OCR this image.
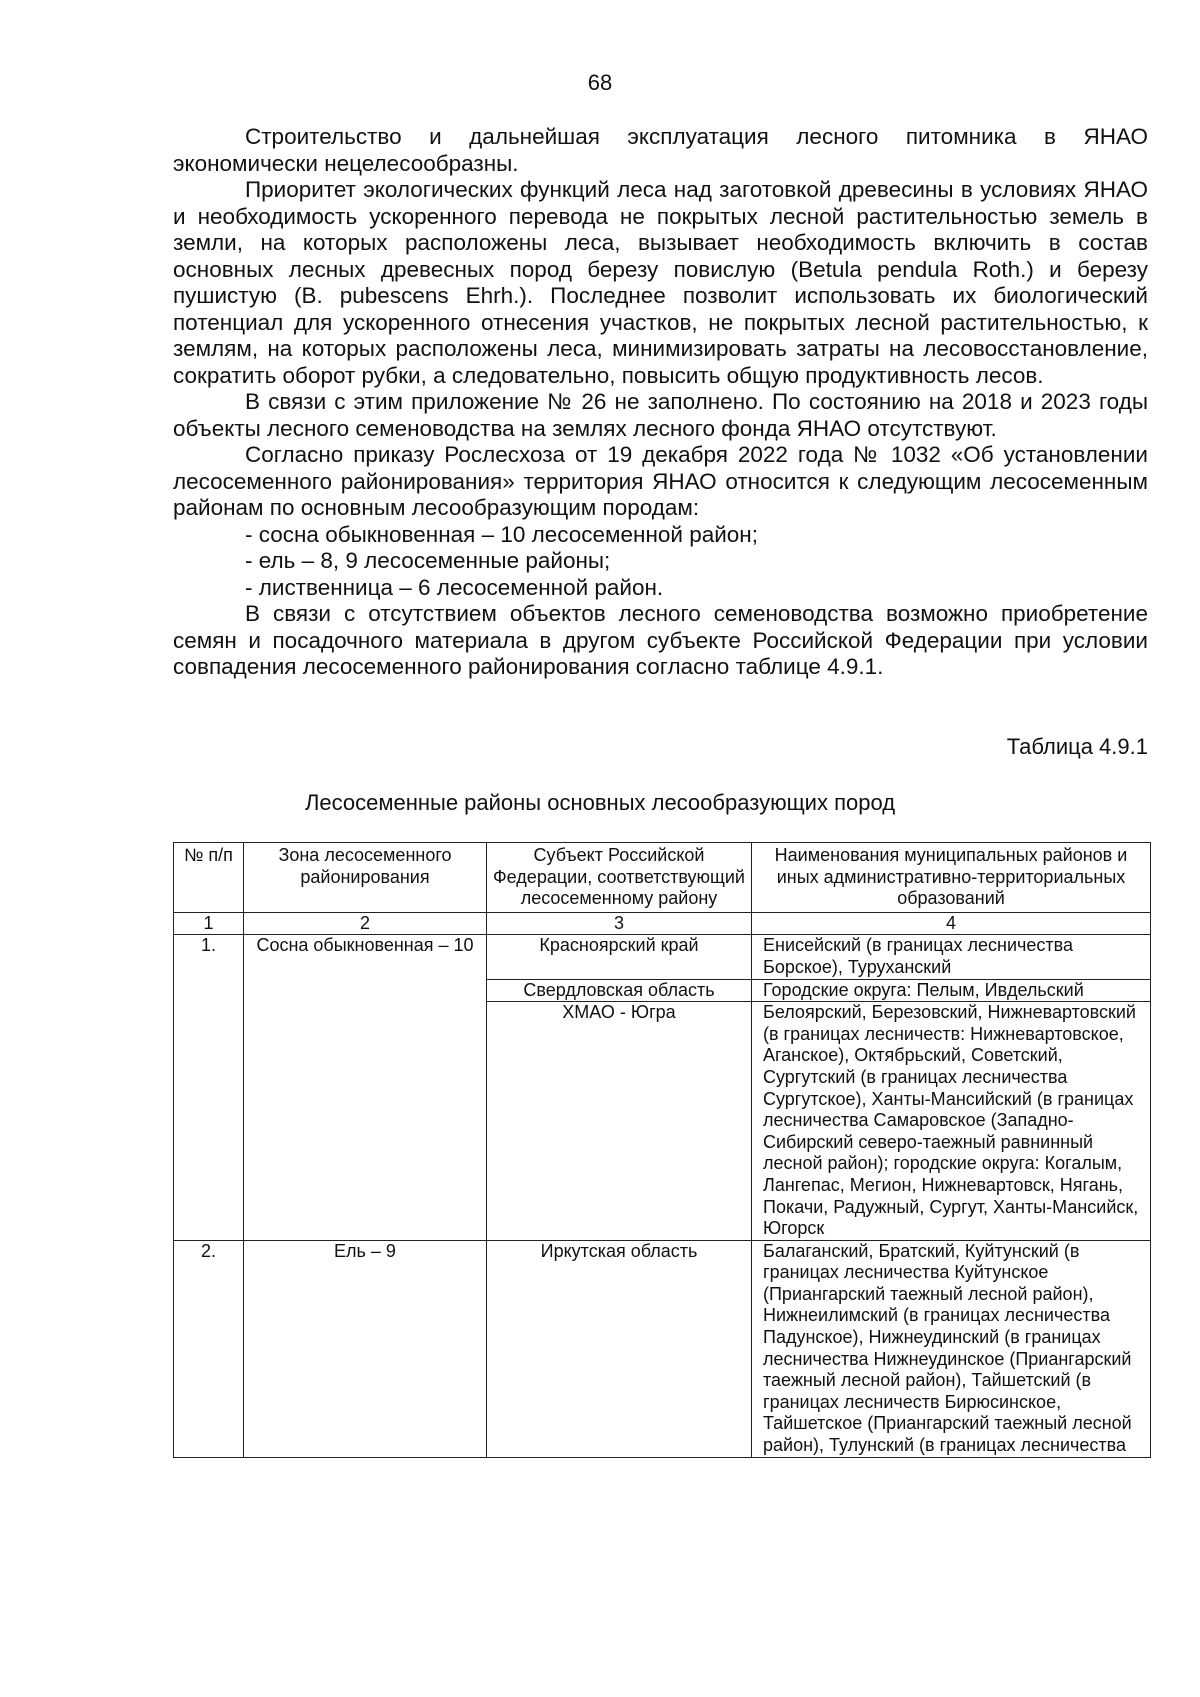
68

Строительство и дальнейшая эксплуатация лесного питомника в ЯНАО экономически нецелесообразны.

Приоритет экологических функций леса над заготовкой древесины в условиях ЯНАО и необходимость ускоренного перевода не покрытых лесной растительностью земель в земли, на которых расположены леса, вызывает необходимость включить в состав основных лесных древесных пород березу повислую (Betula pendula Roth.) и березу пушистую (B. pubescens Ehrh.). Последнее позволит использовать их биологический потенциал для ускоренного отнесения участков, не покрытых лесной растительностью, к землям, на которых расположены леса, минимизировать затраты на лесовосстановление, сократить оборот рубки, а следовательно, повысить общую продуктивность лесов.

В связи с этим приложение № 26 не заполнено. По состоянию на 2018 и 2023 годы объекты лесного семеноводства на землях лесного фонда ЯНАО отсутствуют.

Согласно приказу Рослесхоза от 19 декабря 2022 года № 1032 «Об установлении лесосеменного районирования» территория ЯНАО относится к следующим лесосеменным районам по основным лесообразующим породам:

- сосна обыкновенная – 10 лесосеменной район;

- ель – 8, 9 лесосеменные районы;

- лиственница – 6 лесосеменной район.

В связи с отсутствием объектов лесного семеноводства возможно приобретение семян и посадочного материала в другом субъекте Российской Федерации при условии совпадения лесосеменного районирования согласно таблице 4.9.1.

Таблица 4.9.1
Лесосеменные районы основных лесообразующих пород
№ п/п	Зона лесосеменного районирования	Субъект Российской Федерации, соответствующий лесосеменному району	Наименования муниципальных районов и иных административно-территориальных образований
1	2	3	4
1.	Сосна обыкновенная – 10	Красноярский край	Енисейский (в границах лесничества Борское), Туруханский
		Свердловская область	Городские округа: Пелым, Ивдельский
		ХМАО - Югра	Белоярский, Березовский, Нижневартовский (в границах лесничеств: Нижневартовское, Аганское), Октябрьский, Советский, Сургутский (в границах лесничества Сургутское), Ханты-Мансийский (в границах лесничества Самаровское (Западно-Сибирский северо-таежный равнинный лесной район); городские округа: Когалым, Лангепас, Мегион, Нижневартовск, Нягань, Покачи, Радужный, Сургут, Ханты-Мансийск, Югорск
2.	Ель – 9	Иркутская область	Балаганский, Братский, Куйтунский (в границах лесничества Куйтунское (Приангарский таежный лесной район), Нижнеилимский (в границах лесничества Падунское), Нижнеудинский (в границах лесничества Нижнеудинское (Приангарский таежный лесной район), Тайшетский (в границах лесничеств Бирюсинское, Тайшетское (Приангарский таежный лесной район), Тулунский (в границах лесничества
